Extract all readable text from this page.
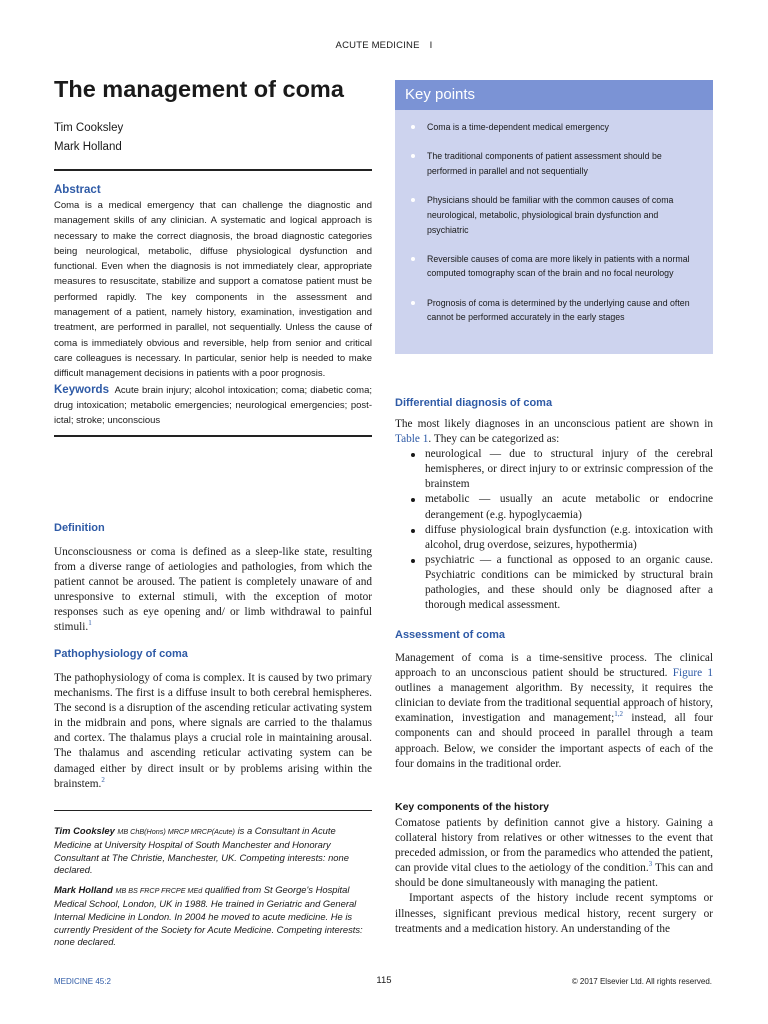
ACUTE MEDICINE I
The management of coma
Tim Cooksley
Mark Holland
Abstract
Coma is a medical emergency that can challenge the diagnostic and management skills of any clinician. A systematic and logical approach is necessary to make the correct diagnosis, the broad diagnostic categories being neurological, metabolic, diffuse physiological dysfunction and functional. Even when the diagnosis is not immediately clear, appropriate measures to resuscitate, stabilize and support a comatose patient must be performed rapidly. The key components in the assessment and management of a patient, namely history, examination, investigation and treatment, are performed in parallel, not sequentially. Unless the cause of coma is immediately obvious and reversible, help from senior and critical care colleagues is necessary. In particular, senior help is needed to make difficult management decisions in patients with a poor prognosis.
Keywords Acute brain injury; alcohol intoxication; coma; diabetic coma; drug intoxication; metabolic emergencies; neurological emergencies; post-ictal; stroke; unconscious
Definition

Unconsciousness or coma is defined as a sleep-like state, resulting from a diverse range of aetiologies and pathologies, from which the patient cannot be aroused. The patient is completely unaware of and unresponsive to external stimuli, with the exception of motor responses such as eye opening and/ or limb withdrawal to painful stimuli.$^1$

Pathophysiology of coma

The pathophysiology of coma is complex. It is caused by two primary mechanisms. The first is a diffuse insult to both cerebral hemispheres. The second is a disruption of the ascending reticular activating system in the midbrain and pons, where signals are carried to the thalamus and cortex. The thalamus plays a crucial role in maintaining arousal. The thalamus and ascending reticular activating system can be damaged either by direct insult or by problems arising within the brainstem.$^2$

Tim Cooksley MB ChB(Hons) MRCP MRCP(Acute) is a Consultant in Acute Medicine at University Hospital of South Manchester and Honorary Consultant at The Christie, Manchester, UK. Competing interests: none declared.

Mark Holland MB BS FRCP FRCPE MEd qualified from St George's Hospital Medical School, London, UK in 1988. He trained in Geriatric and General Internal Medicine in London. In 2004 he moved to acute medicine. He is currently President of the Society for Acute Medicine. Competing interests: none declared.

Key points
Coma is a time-dependent medical emergency
The traditional components of patient assessment should be performed in parallel and not sequentially
Physicians should be familiar with the common causes of coma neurological, metabolic, physiological brain dysfunction and psychiatric
Reversible causes of coma are more likely in patients with a normal computed tomography scan of the brain and no focal neurology
Prognosis of coma is determined by the underlying cause and often cannot be performed accurately in the early stages
Differential diagnosis of coma

The most likely diagnoses in an unconscious patient are shown in Table 1. They can be categorized as:

neurological — due to structural injury of the cerebral hemispheres, or direct injury to or extrinsic compression of the brainstem
metabolic — usually an acute metabolic or endocrine derangement (e.g. hypoglycaemia)
diffuse physiological brain dysfunction (e.g. intoxication with alcohol, drug overdose, seizures, hypothermia)
psychiatric — a functional as opposed to an organic cause. Psychiatric conditions can be mimicked by structural brain pathologies, and these should only be diagnosed after a thorough medical assessment.
Assessment of coma

Management of coma is a time-sensitive process. The clinical approach to an unconscious patient should be structured. Figure 1 outlines a management algorithm. By necessity, it requires the clinician to deviate from the traditional sequential approach of history, examination, investigation and management;$^{1,2}$ instead, all four components can and should proceed in parallel through a team approach. Below, we consider the important aspects of each of the four domains in the traditional order.

Key components of the history

Comatose patients by definition cannot give a history. Gaining a collateral history from relatives or other witnesses to the event that preceded admission, or from the paramedics who attended the patient, can provide vital clues to the aetiology of the condition.$^3$ This can and should be done simultaneously with managing the patient.

Important aspects of the history include recent symptoms or illnesses, significant previous medical history, recent surgery or treatments and a medication history. An understanding of the

MEDICINE 45:2	115	© 2017 Elsevier Ltd. All rights reserved.
